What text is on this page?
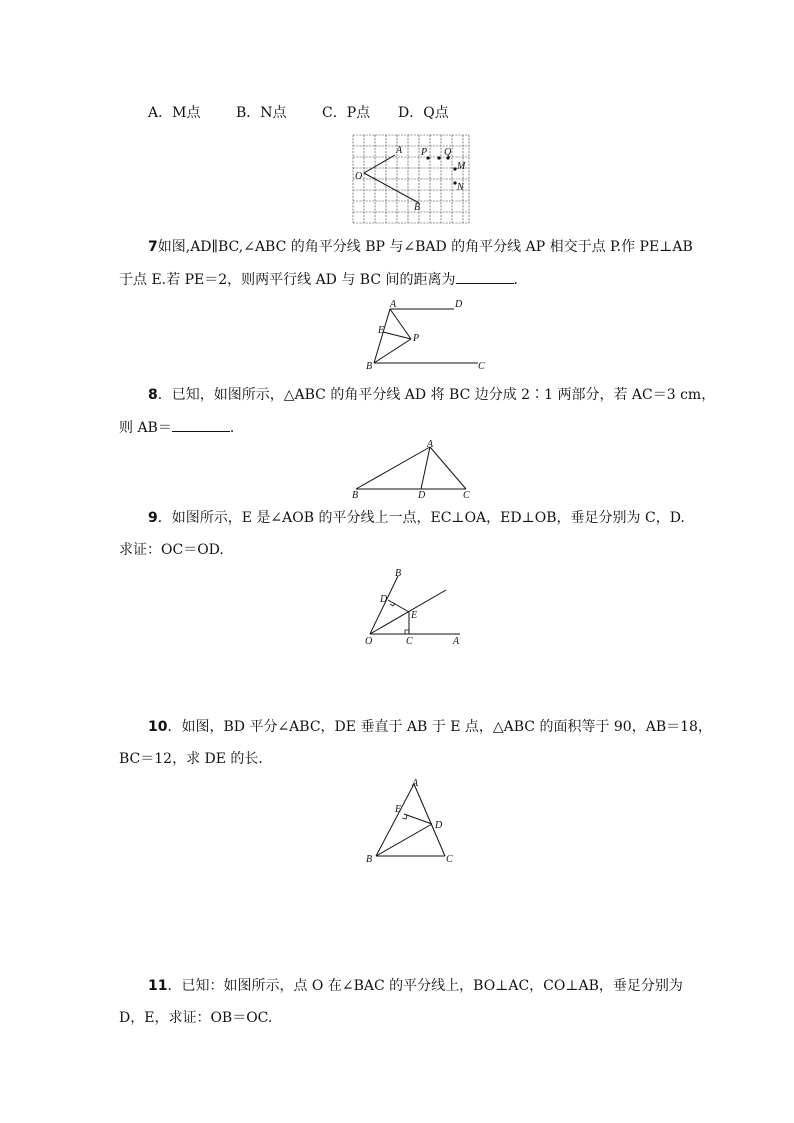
A．M点	B．N点	C．P点 D．Q点
O
A
B
P Q
M
N
7如图,AD∥BC,∠ABC 的角平分线 BP 与∠BAD 的角平分线 AP 相交于点 P.作 PE⊥AB
于点 E.若 PE＝2，则两平行线 AD 与 BC 间的距离为	．
A	D
E
P
B	C
8．已知，如图所示，△ABC 的角平分线 AD 将 BC 边分成 2∶1 两部分，若 AC＝3 cm，
则 AB＝	．
A
B	D	C
9．如图所示，E 是∠AOB 的平分线上一点，EC⊥OA，ED⊥OB，垂足分别为 C，D.
求证：OC＝OD.
B
D
E
O	C	A
10．如图，BD 平分∠ABC，DE 垂直于 AB 于 E 点，△ABC 的面积等于 90，AB＝18，
BC＝12，求 DE 的长．
A
E
D
B	C
11．已知：如图所示，点 O 在∠BAC 的平分线上，BO⊥AC，CO⊥AB，垂足分别为
D，E，求证：OB＝OC.
